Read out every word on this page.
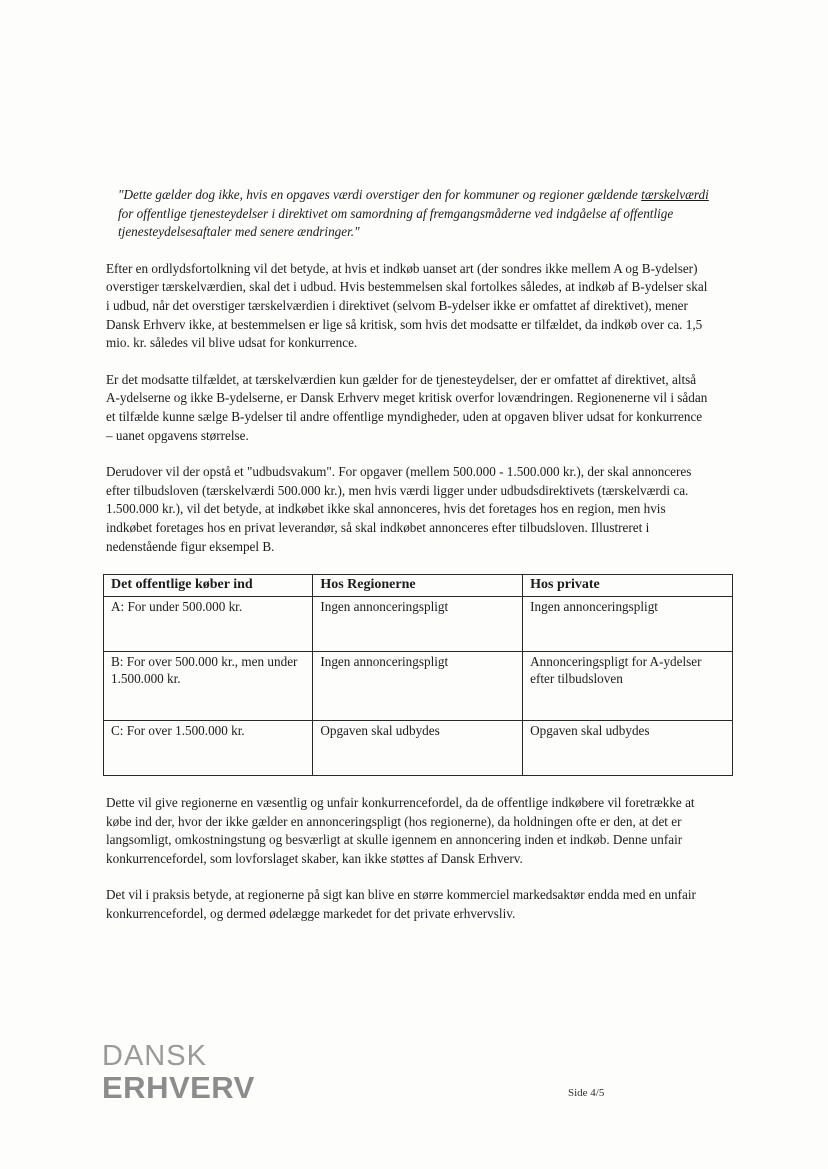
"Dette gælder dog ikke, hvis en opgaves værdi overstiger den for kommuner og regioner gældende tærskelværdi for offentlige tjenesteydelser i direktivet om samordning af fremgangsmåderne ved indgåelse af offentlige tjenesteydelsesaftaler med senere ændringer."

Efter en ordlydsfortolkning vil det betyde, at hvis et indkøb uanset art (der sondres ikke mellem A og B-ydelser) overstiger tærskelværdien, skal det i udbud. Hvis bestemmelsen skal fortolkes således, at indkøb af B-ydelser skal i udbud, når det overstiger tærskelværdien i direktivet (selvom B-ydelser ikke er omfattet af direktivet), mener Dansk Erhverv ikke, at bestemmelsen er lige så kritisk, som hvis det modsatte er tilfældet, da indkøb over ca. 1,5 mio. kr. således vil blive udsat for konkurrence.

Er det modsatte tilfældet, at tærskelværdien kun gælder for de tjenesteydelser, der er omfattet af direktivet, altså A-ydelserne og ikke B-ydelserne, er Dansk Erhverv meget kritisk overfor lovændringen. Regionenerne vil i sådan et tilfælde kunne sælge B-ydelser til andre offentlige myndigheder, uden at opgaven bliver udsat for konkurrence – uanet opgavens størrelse.

Derudover vil der opstå et "udbudsvakum". For opgaver (mellem 500.000 - 1.500.000 kr.), der skal annonceres efter tilbudsloven (tærskelværdi 500.000 kr.), men hvis værdi ligger under udbudsdirektivets (tærskelværdi ca. 1.500.000 kr.), vil det betyde, at indkøbet ikke skal annonceres, hvis det foretages hos en region, men hvis indkøbet foretages hos en privat leverandør, så skal indkøbet annonceres efter tilbudsloven. Illustreret i nedenstående figur eksempel B.

Det offentlige køber ind	Hos Regionerne	Hos private
A: For under 500.000 kr.	Ingen annonceringspligt	Ingen annonceringspligt
B: For over 500.000 kr., men under 1.500.000 kr.	Ingen annonceringspligt	Annonceringspligt for A-ydelser efter tilbudsloven
C: For over 1.500.000 kr.	Opgaven skal udbydes	Opgaven skal udbydes

Dette vil give regionerne en væsentlig og unfair konkurrencefordel, da de offentlige indkøbere vil foretrække at købe ind der, hvor der ikke gælder en annonceringspligt (hos regionerne), da holdningen ofte er den, at det er langsomligt, omkostningstung og besværligt at skulle igennem en annoncering inden et indkøb. Denne unfair konkurrencefordel, som lovforslaget skaber, kan ikke støttes af Dansk Erhverv.

Det vil i praksis betyde, at regionerne på sigt kan blive en større kommerciel markedsaktør endda med en unfair konkurrencefordel, og dermed ødelægge markedet for det private erhvervsliv.

DANSK
ERHVERV	Side 4/5
